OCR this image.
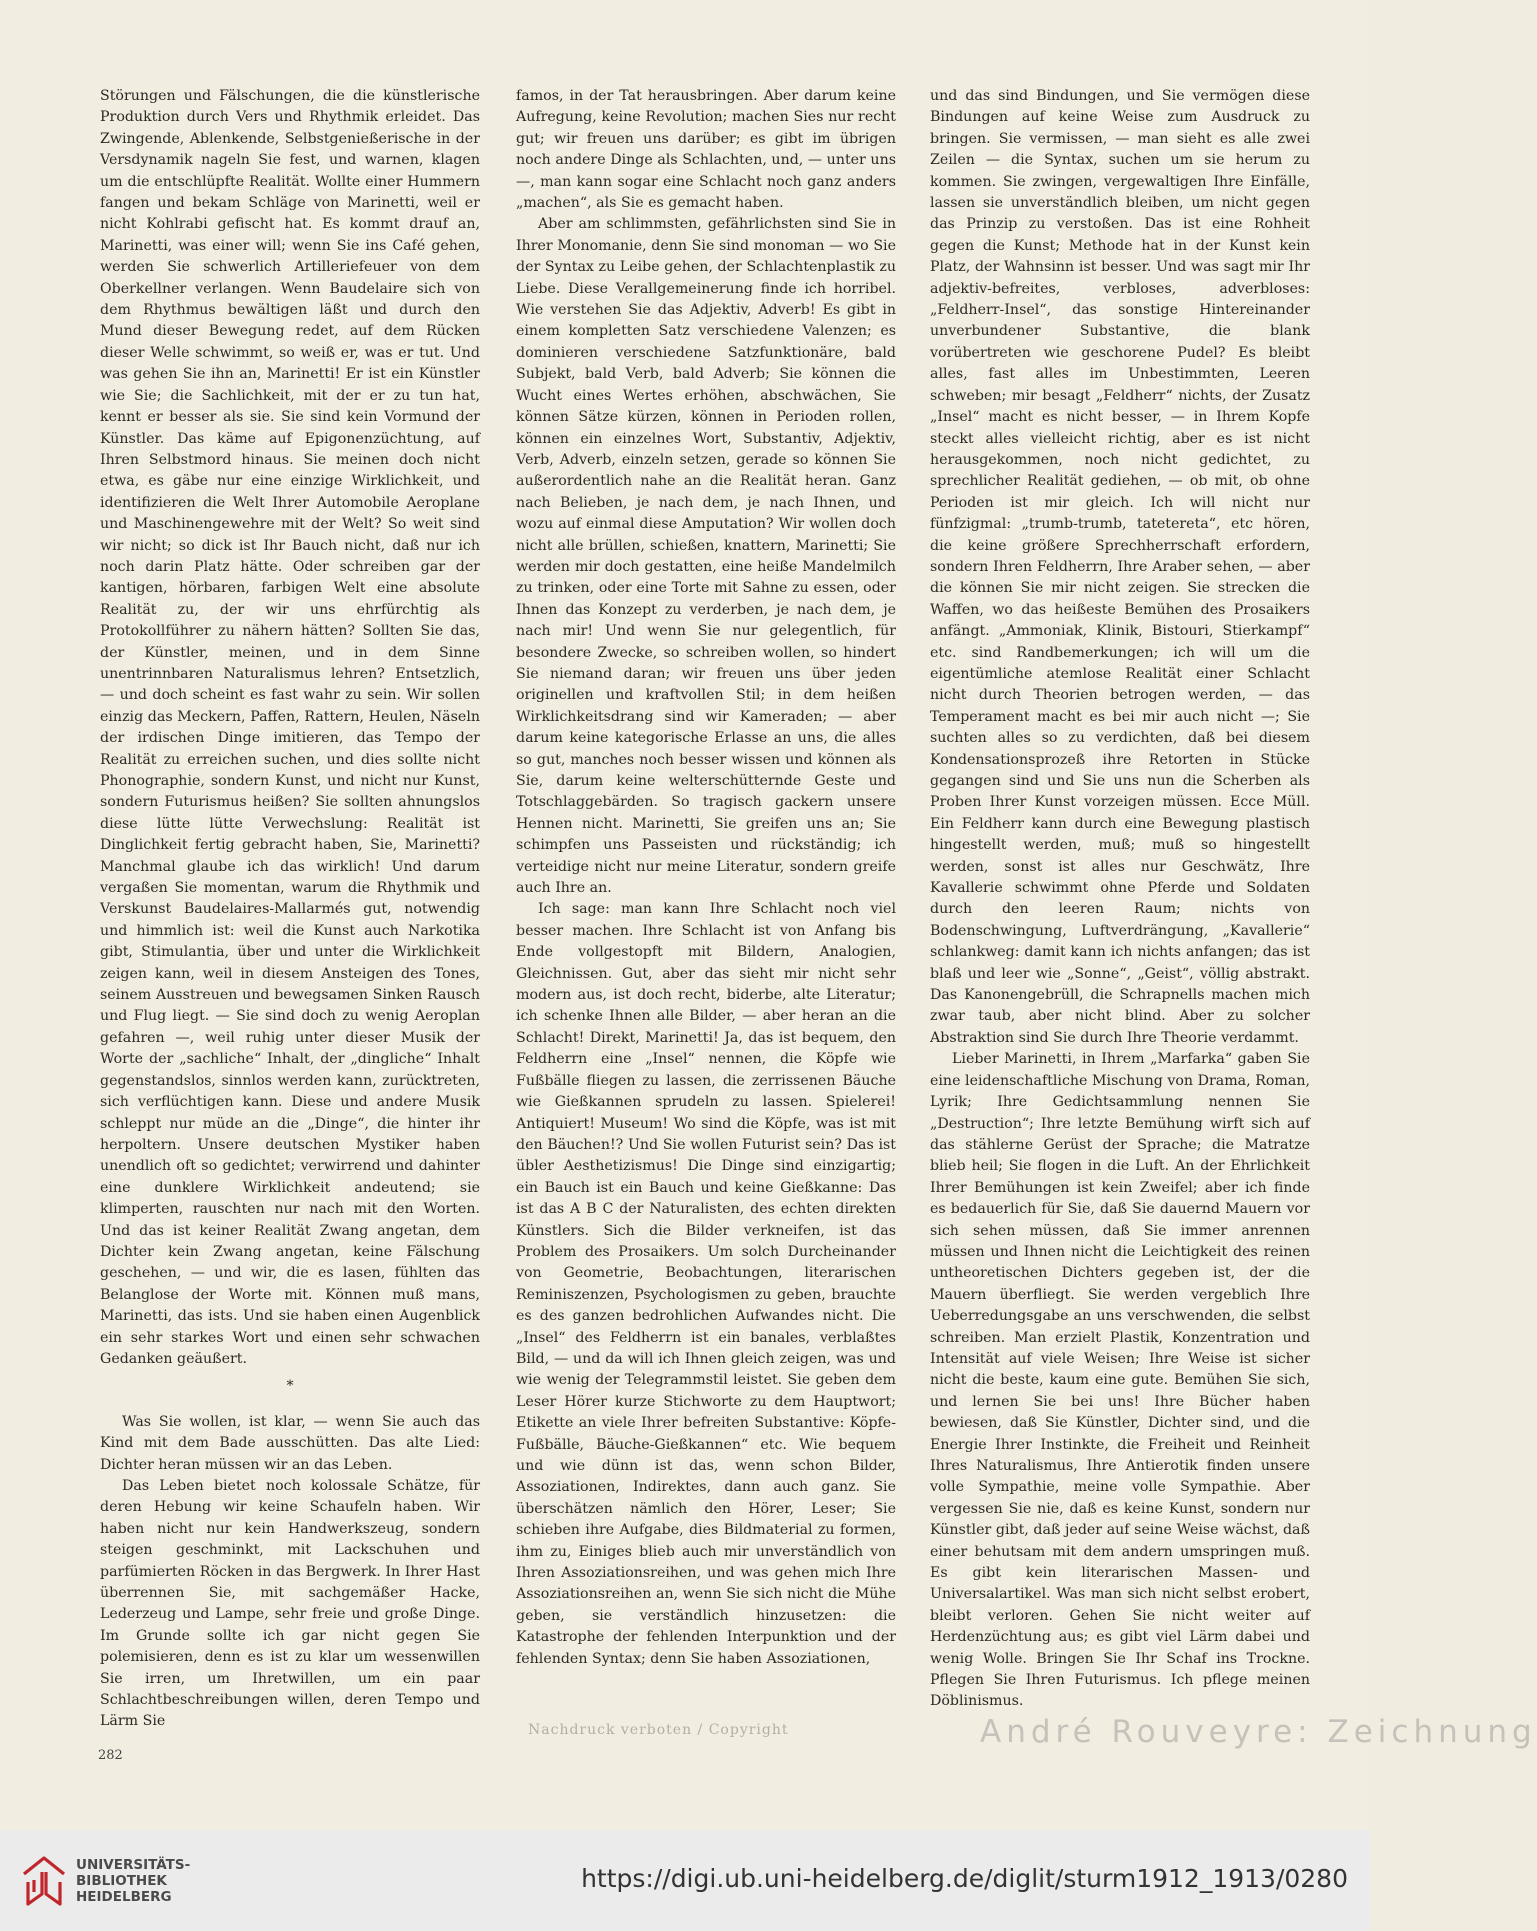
Störungen und Fälschungen, die die künstlerische Produktion durch Vers und Rhythmik erleidet. Das Zwingende, Ablenkende, Selbstgenießerische in der Versdynamik nageln Sie fest, und warnen, klagen um die entschlüpfte Realität. Wollte einer Hummern fangen und bekam Schläge von Marinetti, weil er nicht Kohlrabi gefischt hat. Es kommt drauf an, Marinetti, was einer will; wenn Sie ins Café gehen, werden Sie schwerlich Artilleriefeuer von dem Oberkellner verlangen. Wenn Baudelaire sich von dem Rhythmus bewältigen läßt und durch den Mund dieser Bewegung redet, auf dem Rücken dieser Welle schwimmt, so weiß er, was er tut. Und was gehen Sie ihn an, Marinetti! Er ist ein Künstler wie Sie; die Sachlichkeit, mit der er zu tun hat, kennt er besser als sie. Sie sind kein Vormund der Künstler. Das käme auf Epigonenzüchtung, auf Ihren Selbstmord hinaus. Sie meinen doch nicht etwa, es gäbe nur eine einzige Wirklichkeit, und identifizieren die Welt Ihrer Automobile Aeroplane und Maschinengewehre mit der Welt? So weit sind wir nicht; so dick ist Ihr Bauch nicht, daß nur ich noch darin Platz hätte. Oder schreiben gar der kantigen, hörbaren, farbigen Welt eine absolute Realität zu, der wir uns ehrfürchtig als Protokollführer zu nähern hätten? Sollten Sie das, der Künstler, meinen, und in dem Sinne unentrinnbaren Naturalismus lehren? Entsetzlich, — und doch scheint es fast wahr zu sein. Wir sollen einzig das Meckern, Paffen, Rattern, Heulen, Näseln der irdischen Dinge imitieren, das Tempo der Realität zu erreichen suchen, und dies sollte nicht Phonographie, sondern Kunst, und nicht nur Kunst, sondern Futurismus heißen? Sie sollten ahnungslos diese lütte lütte Verwechslung: Realität ist Dinglichkeit fertig gebracht haben, Sie, Marinetti? Manchmal glaube ich das wirklich! Und darum vergaßen Sie momentan, warum die Rhythmik und Verskunst Baudelaires-Mallarmés gut, notwendig und himmlich ist: weil die Kunst auch Narkotika gibt, Stimulantia, über und unter die Wirklichkeit zeigen kann, weil in diesem Ansteigen des Tones, seinem Ausstreuen und bewegsamen Sinken Rausch und Flug liegt. — Sie sind doch zu wenig Aeroplan gefahren —, weil ruhig unter dieser Musik der Worte der „sachliche“ Inhalt, der „dingliche“ Inhalt gegenstandslos, sinnlos werden kann, zurücktreten, sich verflüchtigen kann. Diese und andere Musik schleppt nur müde an die „Dinge“, die hinter ihr herpoltern. Unsere deutschen Mystiker haben unendlich oft so gedichtet; verwirrend und dahinter eine dunklere Wirklichkeit andeutend; sie klimperten, rauschten nur nach mit den Worten. Und das ist keiner Realität Zwang angetan, dem Dichter kein Zwang angetan, keine Fälschung geschehen, — und wir, die es lasen, fühlten das Belanglose der Worte mit. Können muß mans, Marinetti, das ists. Und sie haben einen Augenblick ein sehr starkes Wort und einen sehr schwachen Gedanken geäußert.

*

Was Sie wollen, ist klar, — wenn Sie auch das Kind mit dem Bade ausschütten. Das alte Lied: Dichter heran müssen wir an das Leben.

Das Leben bietet noch kolossale Schätze, für deren Hebung wir keine Schaufeln haben. Wir haben nicht nur kein Handwerkszeug, sondern steigen geschminkt, mit Lackschuhen und parfümierten Röcken in das Bergwerk. In Ihrer Hast überrennen Sie, mit sachgemäßer Hacke, Lederzeug und Lampe, sehr freie und große Dinge. Im Grunde sollte ich gar nicht gegen Sie polemisieren, denn es ist zu klar um wessenwillen Sie irren, um Ihretwillen, um ein paar Schlachtbeschreibungen willen, deren Tempo und Lärm Sie

famos, in der Tat herausbringen. Aber darum keine Aufregung, keine Revolution; machen Sies nur recht gut; wir freuen uns darüber; es gibt im übrigen noch andere Dinge als Schlachten, und, — unter uns —, man kann sogar eine Schlacht noch ganz anders „machen“, als Sie es gemacht haben.

Aber am schlimmsten, gefährlichsten sind Sie in Ihrer Monomanie, denn Sie sind monoman — wo Sie der Syntax zu Leibe gehen, der Schlachtenplastik zu Liebe. Diese Verallgemeinerung finde ich horribel. Wie verstehen Sie das Adjektiv, Adverb! Es gibt in einem kompletten Satz verschiedene Valenzen; es dominieren verschiedene Satzfunktionäre, bald Subjekt, bald Verb, bald Adverb; Sie können die Wucht eines Wertes erhöhen, abschwächen, Sie können Sätze kürzen, können in Perioden rollen, können ein einzelnes Wort, Substantiv, Adjektiv, Verb, Adverb, einzeln setzen, gerade so können Sie außerordentlich nahe an die Realität heran. Ganz nach Belieben, je nach dem, je nach Ihnen, und wozu auf einmal diese Amputation? Wir wollen doch nicht alle brüllen, schießen, knattern, Marinetti; Sie werden mir doch gestatten, eine heiße Mandelmilch zu trinken, oder eine Torte mit Sahne zu essen, oder Ihnen das Konzept zu verderben, je nach dem, je nach mir! Und wenn Sie nur gelegentlich, für besondere Zwecke, so schreiben wollen, so hindert Sie niemand daran; wir freuen uns über jeden originellen und kraftvollen Stil; in dem heißen Wirklichkeitsdrang sind wir Kameraden; — aber darum keine kategorische Erlasse an uns, die alles so gut, manches noch besser wissen und können als Sie, darum keine welterschütternde Geste und Totschlaggebärden. So tragisch gackern unsere Hennen nicht. Marinetti, Sie greifen uns an; Sie schimpfen uns Passeisten und rückständig; ich verteidige nicht nur meine Literatur, sondern greife auch Ihre an.

Ich sage: man kann Ihre Schlacht noch viel besser machen. Ihre Schlacht ist von Anfang bis Ende vollgestopft mit Bildern, Analogien, Gleichnissen. Gut, aber das sieht mir nicht sehr modern aus, ist doch recht, biderbe, alte Literatur; ich schenke Ihnen alle Bilder, — aber heran an die Schlacht! Direkt, Marinetti! Ja, das ist bequem, den Feldherrn eine „Insel“ nennen, die Köpfe wie Fußbälle fliegen zu lassen, die zerrissenen Bäuche wie Gießkannen sprudeln zu lassen. Spielerei! Antiquiert! Museum! Wo sind die Köpfe, was ist mit den Bäuchen!? Und Sie wollen Futurist sein? Das ist übler Aesthetizismus! Die Dinge sind einzigartig; ein Bauch ist ein Bauch und keine Gießkanne: Das ist das A B C der Naturalisten, des echten direkten Künstlers. Sich die Bilder verkneifen, ist das Problem des Prosaikers. Um solch Durcheinander von Geometrie, Beobachtungen, literarischen Reminiszenzen, Psychologismen zu geben, brauchte es des ganzen bedrohlichen Aufwandes nicht. Die „Insel“ des Feldherrn ist ein banales, verblaßtes Bild, — und da will ich Ihnen gleich zeigen, was und wie wenig der Telegrammstil leistet. Sie geben dem Leser Hörer kurze Stichworte zu dem Hauptwort; Etikette an viele Ihrer befreiten Substantive: Köpfe-Fußbälle, Bäuche-Gießkannen“ etc. Wie bequem und wie dünn ist das, wenn schon Bilder, Assoziationen, Indirektes, dann auch ganz. Sie überschätzen nämlich den Hörer, Leser; Sie schieben ihre Aufgabe, dies Bildmaterial zu formen, ihm zu, Einiges blieb auch mir unverständlich von Ihren Assoziationsreihen, und was gehen mich Ihre Assoziationsreihen an, wenn Sie sich nicht die Mühe geben, sie verständlich hinzusetzen: die Katastrophe der fehlenden Interpunktion und der fehlenden Syntax; denn Sie haben Assoziationen,

und das sind Bindungen, und Sie vermögen diese Bindungen auf keine Weise zum Ausdruck zu bringen. Sie vermissen, — man sieht es alle zwei Zeilen — die Syntax, suchen um sie herum zu kommen. Sie zwingen, vergewaltigen Ihre Einfälle, lassen sie unverständlich bleiben, um nicht gegen das Prinzip zu verstoßen. Das ist eine Rohheit gegen die Kunst; Methode hat in der Kunst kein Platz, der Wahnsinn ist besser. Und was sagt mir Ihr adjektiv-befreites, verbloses, adverbloses: „Feldherr-Insel“, das sonstige Hintereinander unverbundener Substantive, die blank vorübertreten wie geschorene Pudel? Es bleibt alles, fast alles im Unbestimmten, Leeren schweben; mir besagt „Feldherr“ nichts, der Zusatz „Insel“ macht es nicht besser, — in Ihrem Kopfe steckt alles vielleicht richtig, aber es ist nicht herausgekommen, noch nicht gedichtet, zu sprechlicher Realität gediehen, — ob mit, ob ohne Perioden ist mir gleich. Ich will nicht nur fünfzigmal: „trumb-trumb, tatetereta“, etc hören, die keine größere Sprechherrschaft erfordern, sondern Ihren Feldherrn, Ihre Araber sehen, — aber die können Sie mir nicht zeigen. Sie strecken die Waffen, wo das heißeste Bemühen des Prosaikers anfängt. „Ammoniak, Klinik, Bistouri, Stierkampf“ etc. sind Randbemerkungen; ich will um die eigentümliche atemlose Realität einer Schlacht nicht durch Theorien betrogen werden, — das Temperament macht es bei mir auch nicht —; Sie suchten alles so zu verdichten, daß bei diesem Kondensationsprozeß ihre Retorten in Stücke gegangen sind und Sie uns nun die Scherben als Proben Ihrer Kunst vorzeigen müssen. Ecce Müll. Ein Feldherr kann durch eine Bewegung plastisch hingestellt werden, muß; muß so hingestellt werden, sonst ist alles nur Geschwätz, Ihre Kavallerie schwimmt ohne Pferde und Soldaten durch den leeren Raum; nichts von Bodenschwingung, Luftverdrängung, „Kavallerie“ schlankweg: damit kann ich nichts anfangen; das ist blaß und leer wie „Sonne“, „Geist“, völlig abstrakt. Das Kanonengebrüll, die Schrapnells machen mich zwar taub, aber nicht blind. Aber zu solcher Abstraktion sind Sie durch Ihre Theorie verdammt.

Lieber Marinetti, in Ihrem „Marfarka“ gaben Sie eine leidenschaftliche Mischung von Drama, Roman, Lyrik; Ihre Gedichtsammlung nennen Sie „Destruction“; Ihre letzte Bemühung wirft sich auf das stählerne Gerüst der Sprache; die Matratze blieb heil; Sie flogen in die Luft. An der Ehrlichkeit Ihrer Bemühungen ist kein Zweifel; aber ich finde es bedauerlich für Sie, daß Sie dauernd Mauern vor sich sehen müssen, daß Sie immer anrennen müssen und Ihnen nicht die Leichtigkeit des reinen untheoretischen Dichters gegeben ist, der die Mauern überfliegt. Sie werden vergeblich Ihre Ueberredungsgabe an uns verschwenden, die selbst schreiben. Man erzielt Plastik, Konzentration und Intensität auf viele Weisen; Ihre Weise ist sicher nicht die beste, kaum eine gute. Bemühen Sie sich, und lernen Sie bei uns! Ihre Bücher haben bewiesen, daß Sie Künstler, Dichter sind, und die Energie Ihrer Instinkte, die Freiheit und Reinheit Ihres Naturalismus, Ihre Antierotik finden unsere volle Sympathie, meine volle Sympathie. Aber vergessen Sie nie, daß es keine Kunst, sondern nur Künstler gibt, daß jeder auf seine Weise wächst, daß einer behutsam mit dem andern umspringen muß. Es gibt kein literarischen Massen- und Universalartikel. Was man sich nicht selbst erobert, bleibt verloren. Gehen Sie nicht weiter auf Herdenzüchtung aus; es gibt viel Lärm dabei und wenig Wolle. Bringen Sie Ihr Schaf ins Trockne. Pflegen Sie Ihren Futurismus. Ich pflege meinen Döblinismus.

282
Nachdruck verboten / Copyright	André Rouveyre: Zeichnung
UNIVERSITÄTS-
BIBLIOTHEK
HEIDELBERG
https://digi.ub.uni-heidelberg.de/diglit/sturm1912_1913/0280
